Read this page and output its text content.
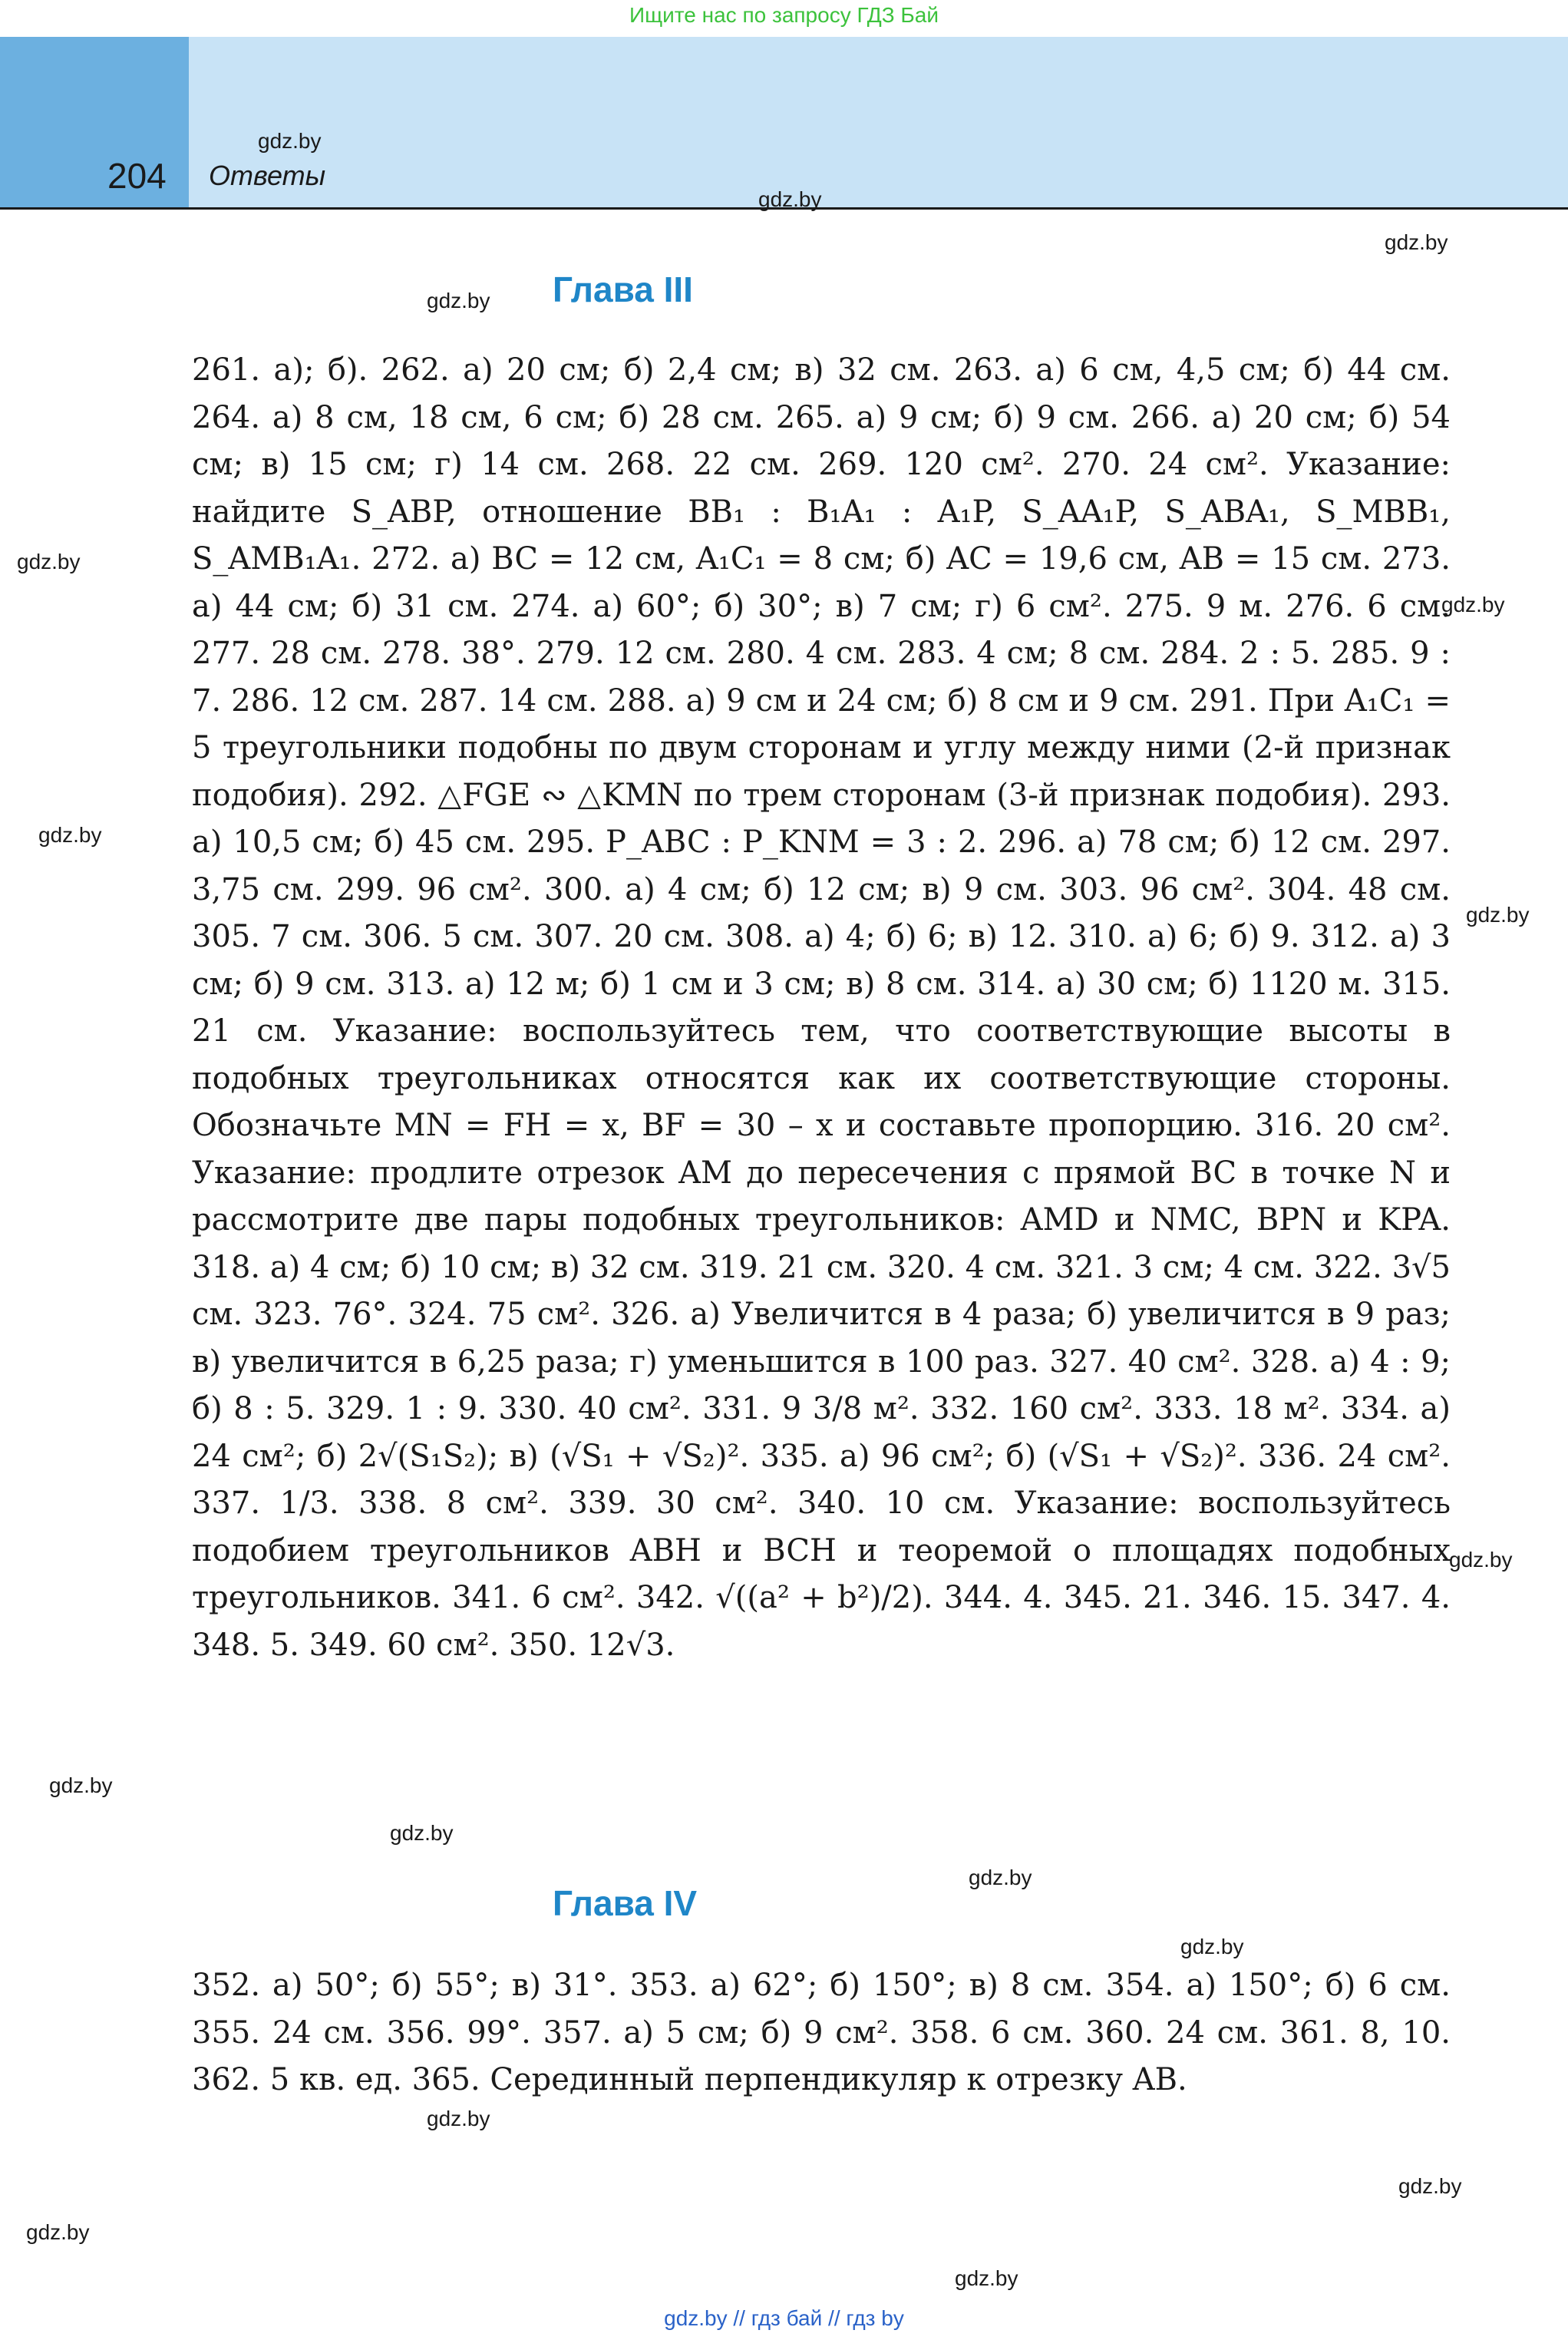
Ищите нас по запросу ГДЗ Бай
204 Ответы
gdz.by
gdz.by
gdz.by
gdz.by
gdz.by
gdz.by
gdz.by
gdz.by
gdz.by
gdz.by
gdz.by
gdz.by
gdz.by
gdz.by
gdz.by
gdz.by
gdz.by
Глава III
261. а); б). 262. а) 20 см; б) 2,4 см; в) 32 см. 263. а) 6 см, 4,5 см; б) 44 см. 264. а) 8 см, 18 см, 6 см; б) 28 см. 265. а) 9 см; б) 9 см. 266. а) 20 см; б) 54 см; в) 15 см; г) 14 см. 268. 22 см. 269. 120 см². 270. 24 см². Указание: найдите S_ABP, отношение BB₁ : B₁A₁ : A₁P, S_AA₁P, S_ABA₁, S_MBB₁, S_AMB₁A₁. 272. а) BC = 12 см, A₁C₁ = 8 см; б) AC = 19,6 см, AB = 15 см. 273. а) 44 см; б) 31 см. 274. а) 60°; б) 30°; в) 7 см; г) 6 см². 275. 9 м. 276. 6 см. 277. 28 см. 278. 38°. 279. 12 см. 280. 4 см. 283. 4 см; 8 см. 284. 2 : 5. 285. 9 : 7. 286. 12 см. 287. 14 см. 288. а) 9 см и 24 см; б) 8 см и 9 см. 291. При A₁C₁ = 5 треугольники подобны по двум сторонам и углу между ними (2-й признак подобия). 292. △FGE ∾ △KMN по трем сторонам (3-й признак подобия). 293. а) 10,5 см; б) 45 см. 295. P_ABC : P_KNM = 3 : 2. 296. а) 78 см; б) 12 см. 297. 3,75 см. 299. 96 см². 300. а) 4 см; б) 12 см; в) 9 см. 303. 96 см². 304. 48 см. 305. 7 см. 306. 5 см. 307. 20 см. 308. а) 4; б) 6; в) 12. 310. а) 6; б) 9. 312. а) 3 см; б) 9 см. 313. а) 12 м; б) 1 см и 3 см; в) 8 см. 314. а) 30 см; б) 1120 м. 315. 21 см. Указание: воспользуйтесь тем, что соответствующие высоты в подобных треугольниках относятся как их соответствующие стороны. Обозначьте MN = FH = x, BF = 30 – x и составьте пропорцию. 316. 20 см². Указание: продлите отрезок AM до пересечения с прямой BC в точке N и рассмотрите две пары подобных треугольников: AMD и NMC, BPN и KPA. 318. а) 4 см; б) 10 см; в) 32 см. 319. 21 см. 320. 4 см. 321. 3 см; 4 см. 322. 3√5 см. 323. 76°. 324. 75 см². 326. а) Увеличится в 4 раза; б) увеличится в 9 раз; в) увеличится в 6,25 раза; г) уменьшится в 100 раз. 327. 40 см². 328. а) 4 : 9; б) 8 : 5. 329. 1 : 9. 330. 40 см². 331. 9 3/8 м². 332. 160 см². 333. 18 м². 334. а) 24 см²; б) 2√(S₁S₂); в) (√S₁ + √S₂)². 335. а) 96 см²; б) (√S₁ + √S₂)². 336. 24 см². 337. 1/3. 338. 8 см². 339. 30 см². 340. 10 см. Указание: воспользуйтесь подобием треугольников ABH и BCH и теоремой о площадях подобных треугольников. 341. 6 см². 342. √((a² + b²)/2). 344. 4. 345. 21. 346. 15. 347. 4. 348. 5. 349. 60 см². 350. 12√3.
Глава IV
352. а) 50°; б) 55°; в) 31°. 353. а) 62°; б) 150°; в) 8 см. 354. а) 150°; б) 6 см. 355. 24 см. 356. 99°. 357. а) 5 см; б) 9 см². 358. 6 см. 360. 24 см. 361. 8, 10. 362. 5 кв. ед. 365. Серединный перпендикуляр к отрезку AB.
gdz.by // гдз бай // гдз by
